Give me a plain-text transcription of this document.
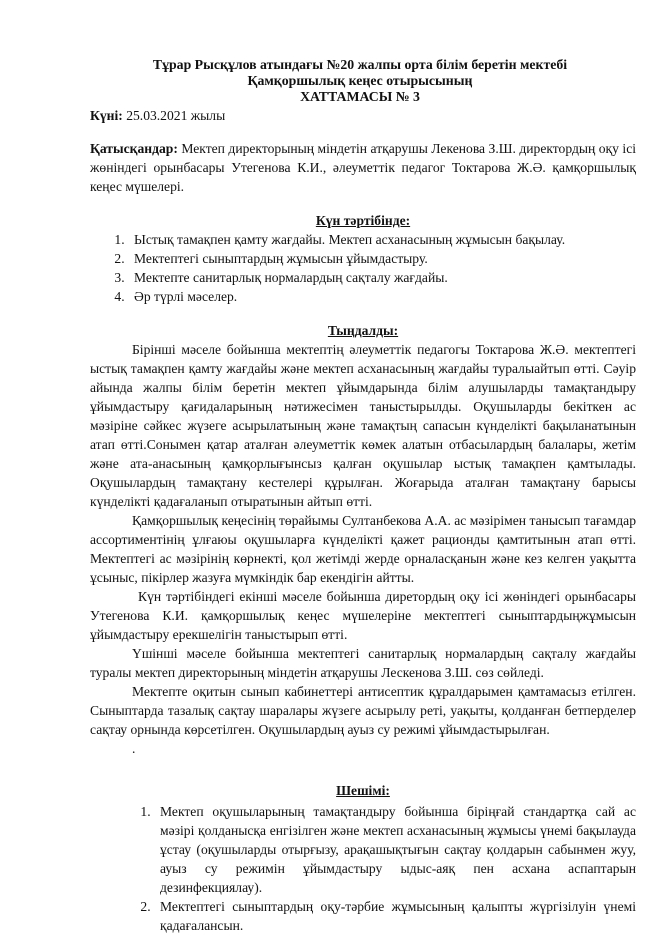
Тұрар Рысқұлов атындағы №20 жалпы орта білім беретін мектебі
Қамқоршылық кеңес отырысының
ХАТТАМАСЫ № 3
Күні: 25.03.2021 жылы
Қатысқандар: Мектеп директорының міндетін атқарушы Лекенова З.Ш. директордың оқу ісі жөніндегі орынбасары Утегенова К.И., әлеуметтік педагог Токтарова Ж.Ә. қамқоршылық кеңес мүшелері.
Күн тәртібінде:
1. Ыстық тамақпен қамту жағдайы. Мектеп асханасының жұмысын бақылау.
2. Мектептегі сыныптардың жұмысын ұйымдастыру.
3. Мектепте санитарлық нормалардың сақталу жағдайы.
4. Әр түрлі мәселер.
Тыңдалды:

Бірінші мәселе бойынша мектептің әлеуметтік педагогы Токтарова Ж.Ә. мектептегі ыстық тамақпен қамту жағдайы және мектеп асханасының жағдайы туралыайтып өтті. Сәуір айында жалпы білім беретін мектеп ұйымдарында білім алушыларды тамақтандыру ұйымдастыру қағидаларының нәтижесімен таныстырылды. Оқушыларды бекіткен ас мәзіріне сәйкес жүзеге асырылатының және тамақтың сапасын күнделікті бақыланатынын атап өтті.Сонымен қатар аталған әлеуметтік көмек алатын отбасылардың балалары, жетім және ата-анасының қамқорлығынсыз қалған оқушылар ыстық тамақпен қамтылады. Оқушылардың тамақтану кестелері құрылған. Жоғарыда аталған тамақтану барысы күнделікті қадағаланып отыратынын айтып өтті.

Қамқоршылық кеңесінің төрайымы Султанбекова А.А. ас мәзірімен танысып тағамдар ассортиментінің ұлғаюы оқушыларға күнделікті қажет рационды қамтитынын атап өтті. Мектептегі ас мәзірінің көрнекті, қол жетімді жерде орналасқанын және кез келген уақытта ұсыныс, пікірлер жазуға мүмкіндік бар екендігін айтты.

Күн тәртібіндегі екінші мәселе бойынша диретордың оқу ісі жөніндегі орынбасары Утегенова К.И. қамқоршылық кеңес мүшелеріне мектептегі сыныптардыңжұмысын ұйымдастыру ерекшелігін таныстырып өтті.

Үшінші мәселе бойынша мектептегі санитарлық нормалардың сақталу жағдайы туралы мектеп директорының міндетін атқарушы Лескенова З.Ш. сөз сөйледі.

Мектепте оқитын сынып кабинеттері антисептик құралдарымен қамтамасыз етілген. Сыныптарда тазалық сақтау шаралары жүзеге асырылу реті, уақыты, қолданған бетперделер сақтау орнында көрсетілген. Оқушылардың ауыз су режимі ұйымдастырылған.

.
Шешімі:
1. Мектеп оқушыларының тамақтандыру бойынша біріңғай стандартқа сай ас мәзірі қолданысқа енгізілген және мектеп асханасының жұмысы үнемі бақылауда ұстау (оқушыларды отырғызу, арақашықтығын сақтау қолдарын сабынмен жуу, ауыз су режимін ұйымдастыру ыдыс-аяқ пен асхана аспаптарын дезинфекциялау).
2. Мектептегі сыныптардың оқу-тәрбие жұмысының қалыпты жүргізілуін үнемі қадағалансын.
